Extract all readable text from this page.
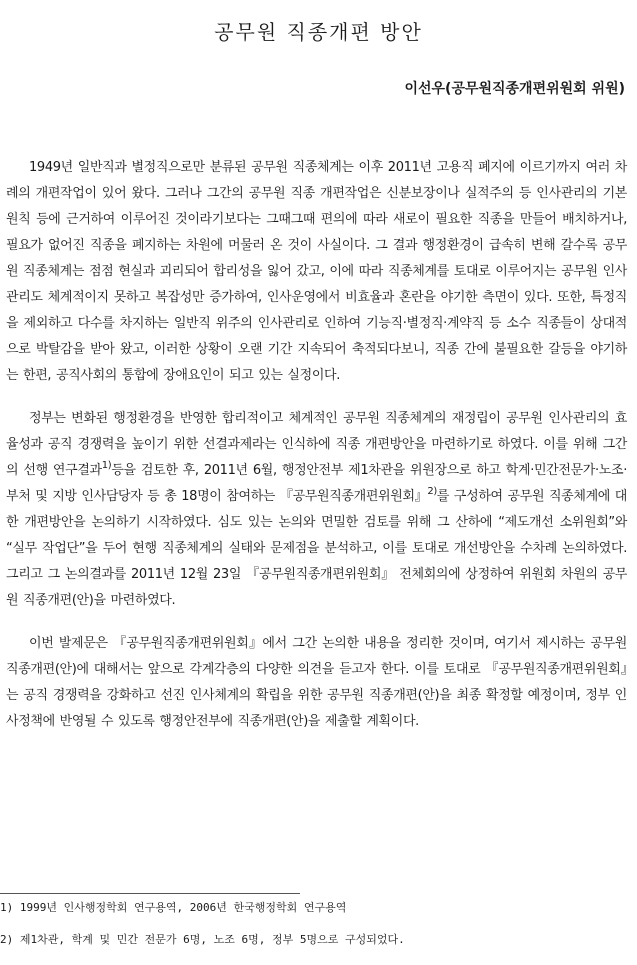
공무원 직종개편 방안
이선우(공무원직종개편위원회 위원)

1949년 일반직과 별정직으로만 분류된 공무원 직종체계는 이후 2011년 고용직 폐지에 이르기까지 여러 차례의 개편작업이 있어 왔다. 그러나 그간의 공무원 직종 개편작업은 신분보장이나 실적주의 등 인사관리의 기본원칙 등에 근거하여 이루어진 것이라기보다는 그때그때 편의에 따라 새로이 필요한 직종을 만들어 배치하거나, 필요가 없어진 직종을 폐지하는 차원에 머물러 온 것이 사실이다. 그 결과 행정환경이 급속히 변해 갈수록 공무원 직종체계는 점점 현실과 괴리되어 합리성을 잃어 갔고, 이에 따라 직종체계를 토대로 이루어지는 공무원 인사관리도 체계적이지 못하고 복잡성만 증가하여, 인사운영에서 비효율과 혼란을 야기한 측면이 있다. 또한, 특정직을 제외하고 다수를 차지하는 일반직 위주의 인사관리로 인하여 기능직·별정직·계약직 등 소수 직종들이 상대적으로 박탈감을 받아 왔고, 이러한 상황이 오랜 기간 지속되어 축적되다보니, 직종 간에 불필요한 갈등을 야기하는 한편, 공직사회의 통합에 장애요인이 되고 있는 실정이다.

정부는 변화된 행정환경을 반영한 합리적이고 체계적인 공무원 직종체계의 재정립이 공무원 인사관리의 효율성과 공직 경쟁력을 높이기 위한 선결과제라는 인식하에 직종 개편방안을 마련하기로 하였다. 이를 위해 그간의 선행 연구결과$^{1)}$등을 검토한 후, 2011년 6월, 행정안전부 제1차관을 위원장으로 하고 학계·민간전문가·노조·부처 및 지방 인사담당자 등 총 18명이 참여하는 『공무원직종개편위원회』$^{2)}$를 구성하여 공무원 직종체계에 대한 개편방안을 논의하기 시작하였다. 심도 있는 논의와 면밀한 검토를 위해 그 산하에 “제도개선 소위원회”와 “실무 작업단”을 두어 현행 직종체계의 실태와 문제점을 분석하고, 이를 토대로 개선방안을 수차례 논의하였다. 그리고 그 논의결과를 2011년 12월 23일 『공무원직종개편위원회』 전체회의에 상정하여 위원회 차원의 공무원 직종개편(안)을 마련하였다.

이번 발제문은 『공무원직종개편위원회』에서 그간 논의한 내용을 정리한 것이며, 여기서 제시하는 공무원 직종개편(안)에 대해서는 앞으로 각계각층의 다양한 의견을 듣고자 한다. 이를 토대로 『공무원직종개편위원회』는 공직 경쟁력을 강화하고 선진 인사체계의 확립을 위한 공무원 직종개편(안)을 최종 확정할 예정이며, 정부 인사정책에 반영될 수 있도록 행정안전부에 직종개편(안)을 제출할 계획이다.

1) 1999년 인사행정학회 연구용역, 2006년 한국행정학회 연구용역
2) 제1차관, 학계 및 민간 전문가 6명, 노조 6명, 정부 5명으로 구성되었다.
